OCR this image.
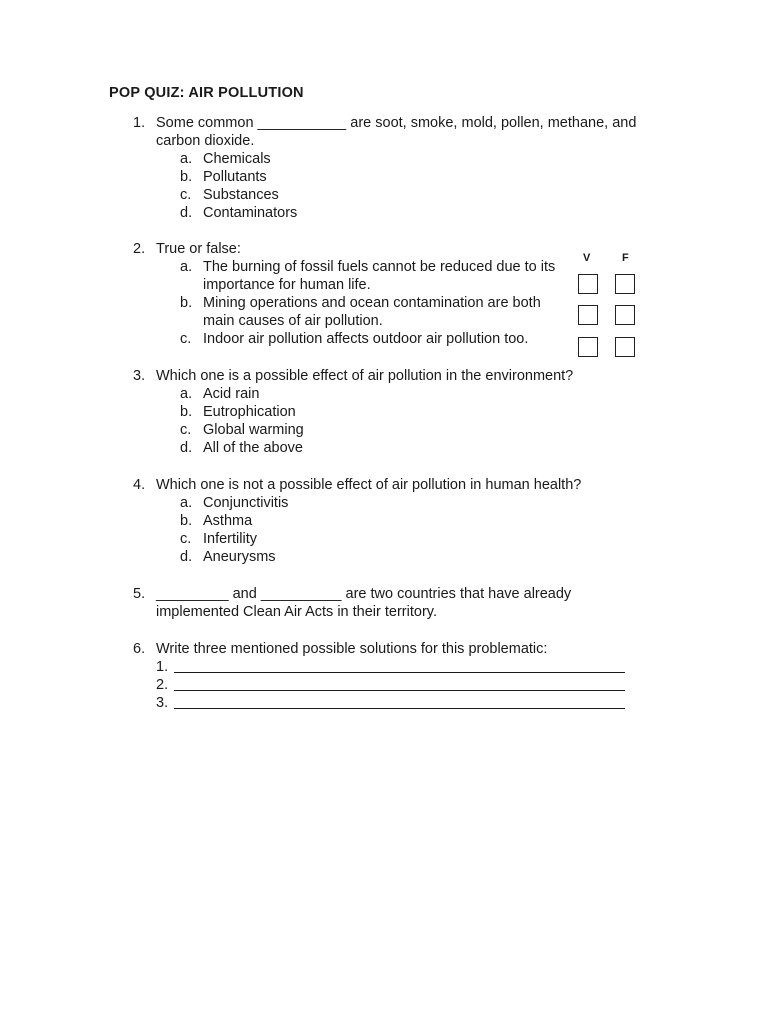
POP QUIZ: AIR POLLUTION
1. Some common ___________ are soot, smoke, mold, pollen, methane, and carbon dioxide.
a. Chemicals
b. Pollutants
c. Substances
d. Contaminators
2. True or false:
a. The burning of fossil fuels cannot be reduced due to its importance for human life.
b. Mining operations and ocean contamination are both main causes of air pollution.
c. Indoor air pollution affects outdoor air pollution too.
V	F
3. Which one is a possible effect of air pollution in the environment?
a. Acid rain
b. Eutrophication
c. Global warming
d. All of the above
4. Which one is not a possible effect of air pollution in human health?
a. Conjunctivitis
b. Asthma
c. Infertility
d. Aneurysms
5. _________ and __________ are two countries that have already implemented Clean Air Acts in their territory.
6. Write three mentioned possible solutions for this problematic:
1.
2.
3.
